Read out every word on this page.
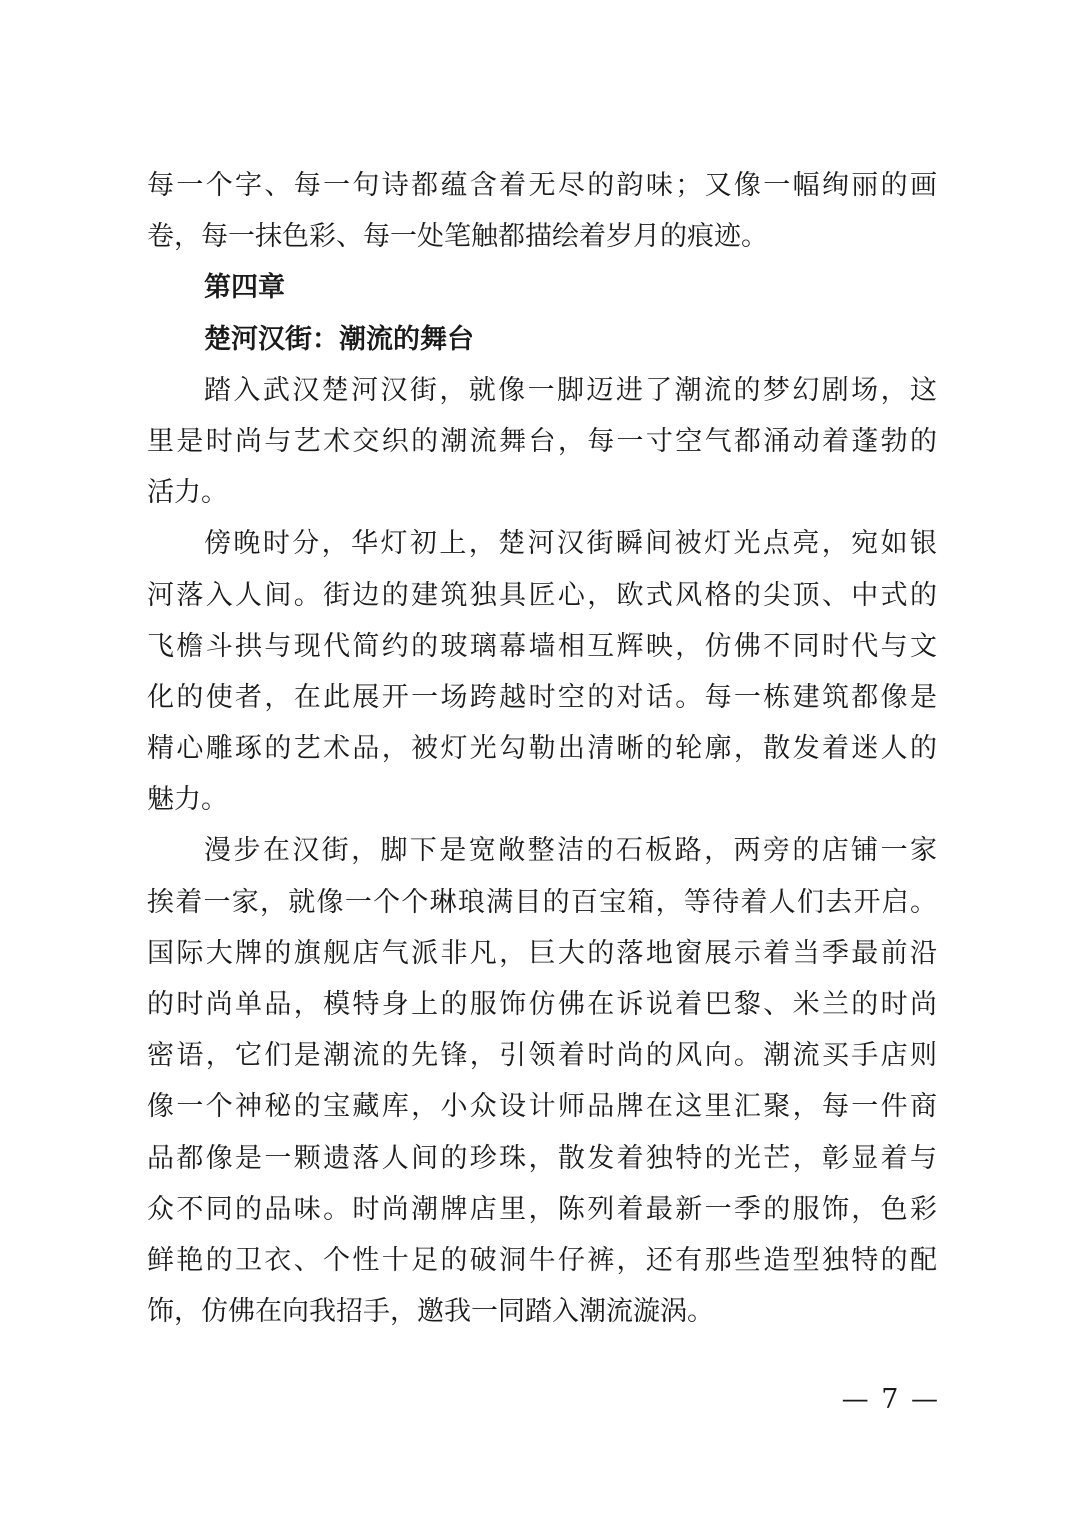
每一个字、每一句诗都蕴含着无尽的韵味；又像一幅绚丽的画
卷，每一抹色彩、每一处笔触都描绘着岁月的痕迹。
第四章
楚河汉街：潮流的舞台
踏入武汉楚河汉街，就像一脚迈进了潮流的梦幻剧场，这
里是时尚与艺术交织的潮流舞台，每一寸空气都涌动着蓬勃的
活力。
傍晚时分，华灯初上，楚河汉街瞬间被灯光点亮，宛如银
河落入人间。街边的建筑独具匠心，欧式风格的尖顶、中式的
飞檐斗拱与现代简约的玻璃幕墙相互辉映，仿佛不同时代与文
化的使者，在此展开一场跨越时空的对话。每一栋建筑都像是
精心雕琢的艺术品，被灯光勾勒出清晰的轮廓，散发着迷人的
魅力。
漫步在汉街，脚下是宽敞整洁的石板路，两旁的店铺一家
挨着一家，就像一个个琳琅满目的百宝箱，等待着人们去开启。
国际大牌的旗舰店气派非凡，巨大的落地窗展示着当季最前沿
的时尚单品，模特身上的服饰仿佛在诉说着巴黎、米兰的时尚
密语，它们是潮流的先锋，引领着时尚的风向。潮流买手店则
像一个神秘的宝藏库，小众设计师品牌在这里汇聚，每一件商
品都像是一颗遗落人间的珍珠，散发着独特的光芒，彰显着与
众不同的品味。时尚潮牌店里，陈列着最新一季的服饰，色彩
鲜艳的卫衣、个性十足的破洞牛仔裤，还有那些造型独特的配
饰，仿佛在向我招手，邀我一同踏入潮流漩涡。
— 7 —
